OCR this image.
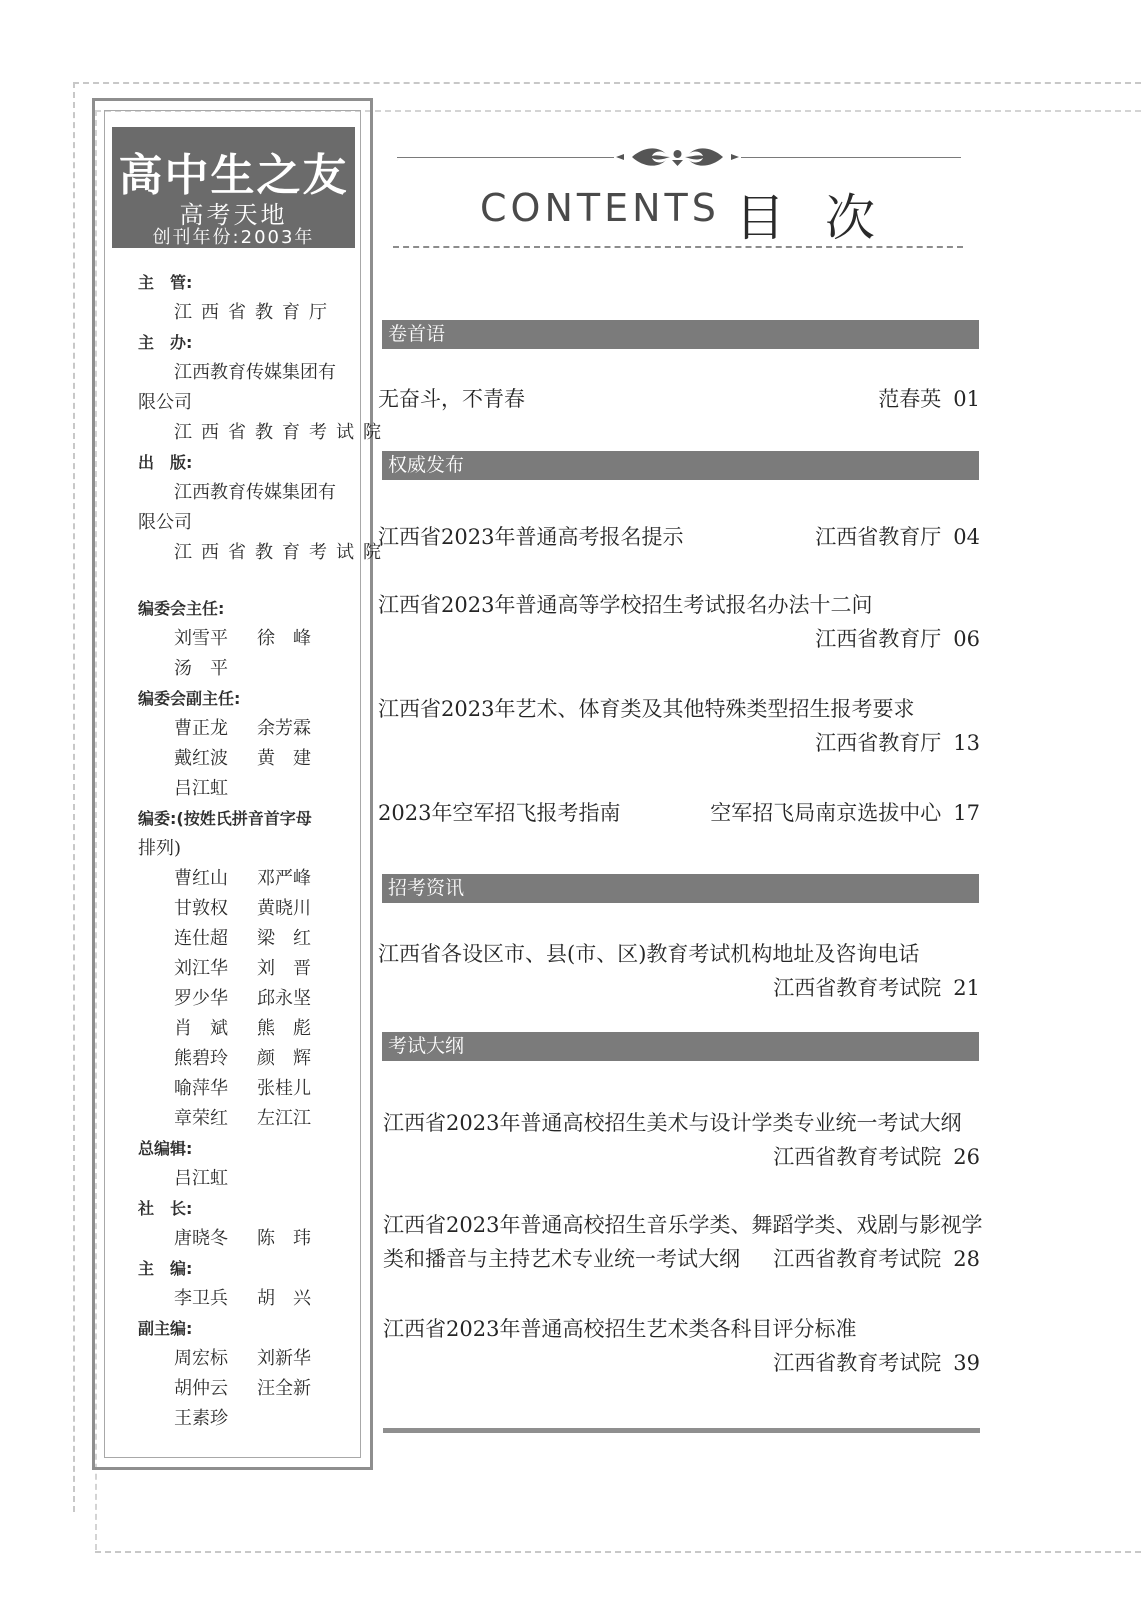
高中生之友
高考天地
创刊年份:2003年
主　管:
江西省教育厅
主　办:
江西教育传媒集团有
限公司
江西省教育考试院
出　版:
江西教育传媒集团有
限公司
江西省教育考试院
编委会主任:
刘雪平	徐　峰
汤　平
编委会副主任:
曹正龙	余芳霖
戴红波	黄　建
吕江虹
编委:(按姓氏拼音首字母
排列)
曹红山	邓严峰
甘敦权	黄晓川
连仕超	梁　红
刘江华	刘　晋
罗少华	邱永坚
肖　斌	熊　彪
熊碧玲	颜　辉
喻萍华	张桂儿
章荣红	左江江
总编辑:
吕江虹
社　长:
唐晓冬	陈　玮
主　编:
李卫兵	胡　兴
副主编:
周宏标	刘新华
胡仲云	汪全新
王素珍
CONTENTS 目次
卷首语
权威发布
招考资讯
考试大纲
无奋斗，不青春	范春英 01
江西省2023年普通高考报名提示	江西省教育厅 04
江西省2023年普通高等学校招生考试报名办法十二问
江西省教育厅 06
江西省2023年艺术、体育类及其他特殊类型招生报考要求
江西省教育厅 13
2023年空军招飞报考指南	空军招飞局南京选拔中心 17
江西省各设区市、县(市、区)教育考试机构地址及咨询电话
江西省教育考试院 21
江西省2023年普通高校招生美术与设计学类专业统一考试大纲
江西省教育考试院 26
江西省2023年普通高校招生音乐学类、舞蹈学类、戏剧与影视学
类和播音与主持艺术专业统一考试大纲 江西省教育考试院 28
江西省2023年普通高校招生艺术类各科目评分标准
江西省教育考试院 39
